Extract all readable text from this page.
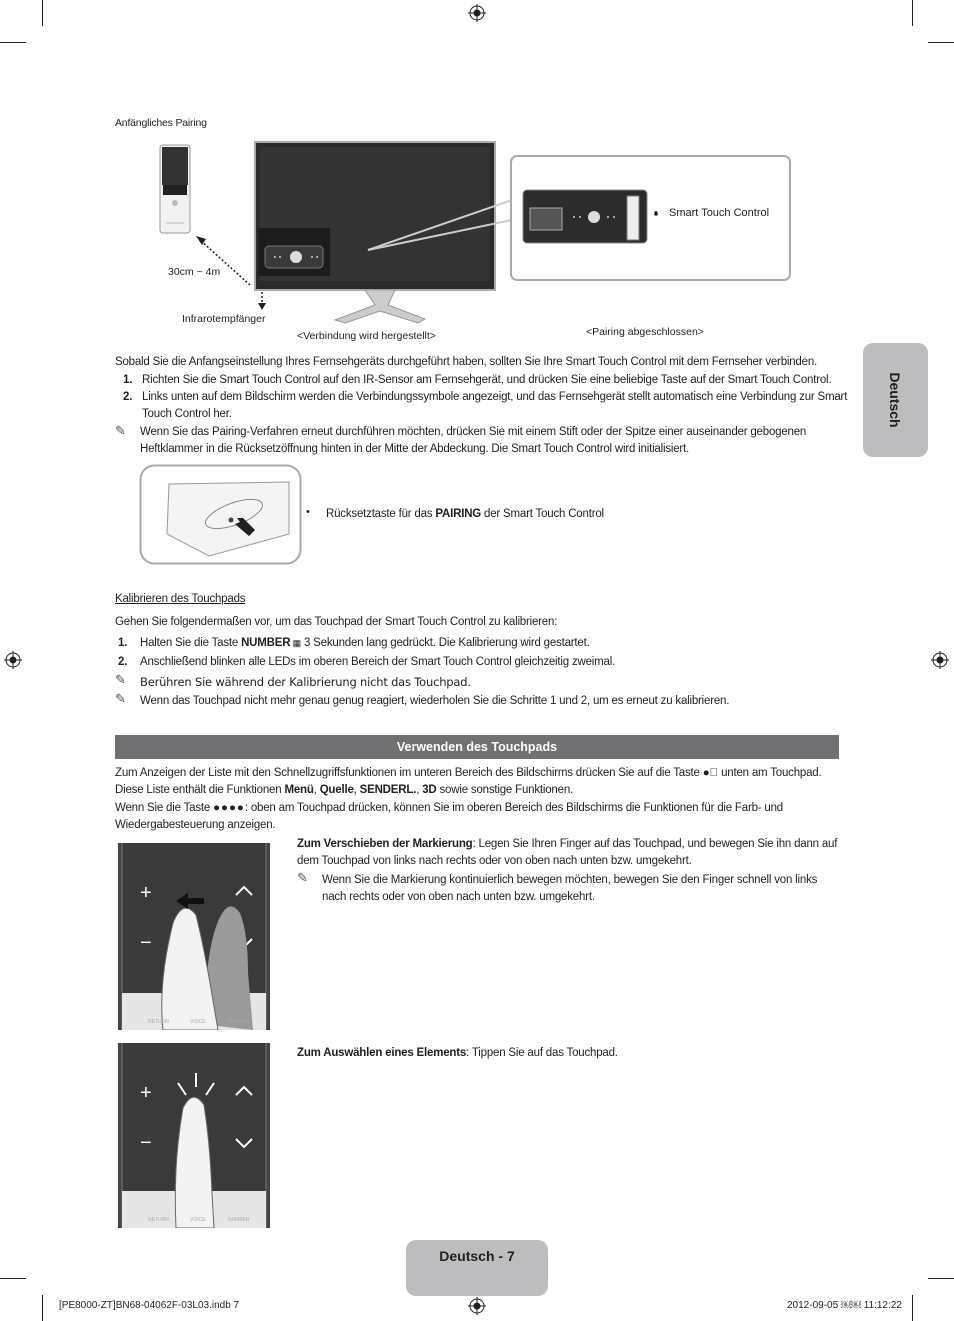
Anfängliches Pairing
30cm ~ 4m
Infrarotempfänger
<Verbindung wird hergestellt>	<Pairing abgeschlossen>
Smart Touch Control
Sobald Sie die Anfangseinstellung Ihres Fernsehgeräts durchgeführt haben, sollten Sie Ihre Smart Touch Control mit dem Fernseher verbinden.
1. Richten Sie die Smart Touch Control auf den IR-Sensor am Fernsehgerät, und drücken Sie eine beliebige Taste auf der Smart Touch Control.
2. Links unten auf dem Bildschirm werden die Verbindungssymbole angezeigt, und das Fernsehgerät stellt automatisch eine Verbindung zur Smart
Touch Control her.
✎ Wenn Sie das Pairing-Verfahren erneut durchführen möchten, drücken Sie mit einem Stift oder der Spitze einer auseinander gebogenen
Heftklammer in die Rücksetzöffnung hinten in der Mitte der Abdeckung. Die Smart Touch Control wird initialisiert.
• Rücksetztaste für das PAIRING der Smart Touch Control
•
Kalibrieren des Touchpads
Gehen Sie folgendermaßen vor, um das Touchpad der Smart Touch Control zu kalibrieren:
1. Halten Sie die Taste NUMBER ▦ 3 Sekunden lang gedrückt. Die Kalibrierung wird gestartet.
2. Anschließend blinken alle LEDs im oberen Bereich der Smart Touch Control gleichzeitig zweimal.
✎ Berühren Sie während der Kalibrierung nicht das Touchpad.
✎ Wenn das Touchpad nicht mehr genau genug reagiert, wiederholen Sie die Schritte 1 und 2, um es erneut zu kalibrieren.
Verwenden des Touchpads
Zum Anzeigen der Liste mit den Schnellzugriffsfunktionen im unteren Bereich des Bildschirms drücken Sie auf die Taste ●⃝ unten am Touchpad.
Diese Liste enthält die Funktionen Menü, Quelle, SENDERL., 3D sowie sonstige Funktionen.
Wenn Sie die Taste ●●●●: oben am Touchpad drücken, können Sie im oberen Bereich des Bildschirms die Funktionen für die Farb- und
Wiedergabesteuerung anzeigen.
+
−
RETURN	VOICE	NUMBER
Zum Verschieben der Markierung: Legen Sie Ihren Finger auf das Touchpad, und bewegen Sie ihn dann auf
dem Touchpad von links nach rechts oder von oben nach unten bzw. umgekehrt.
✎ Wenn Sie die Markierung kontinuierlich bewegen möchten, bewegen Sie den Finger schnell von links
nach rechts oder von oben nach unten bzw. umgekehrt.
+
−
RETURN	VOICE	NUMBER
Zum Auswählen eines Elements: Tippen Sie auf das Touchpad.
Deutsch
Deutsch - 7
[PE8000-ZT]BN68-04062F-03L03.indb 7	2012-09-05 ￼￼ 11:12:22
